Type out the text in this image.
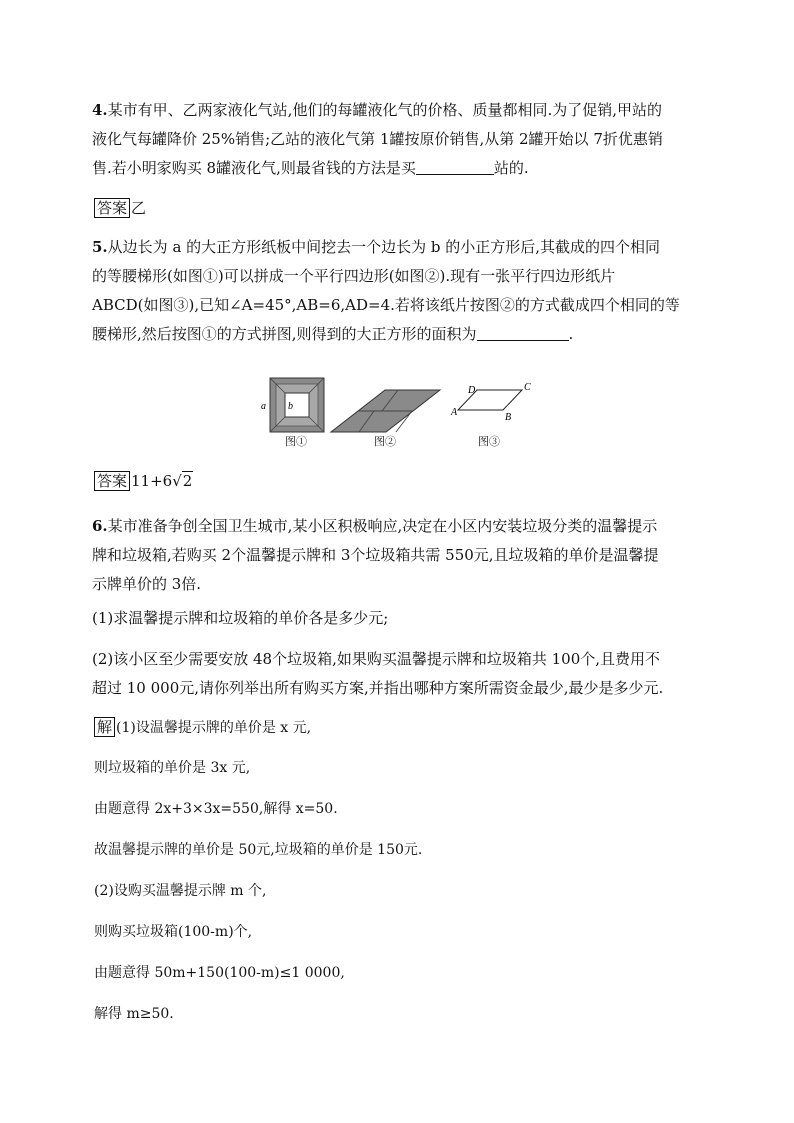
4.某市有甲、乙两家液化气站,他们的每罐液化气的价格、质量都相同.为了促销,甲站的
液化气每罐降价 25%销售;乙站的液化气第 1罐按原价销售,从第 2罐开始以 7折优惠销
售.若小明家购买 8罐液化气,则最省钱的方法是买	站的.
答案 乙
5.从边长为 a 的大正方形纸板中间挖去一个边长为 b 的小正方形后,其截成的四个相同
的等腰梯形(如图①)可以拼成一个平行四边形(如图②).现有一张平行四边形纸片
ABCD(如图③),已知∠A=45°,AB=6,AD=4.若将该纸片按图②的方式截成四个相同的等
腰梯形,然后按图①的方式拼图,则得到的大正方形的面积为	.
a b
A	B
C
D
图①	图②	图③
答案 11+6√2
6.某市准备争创全国卫生城市,某小区积极响应,决定在小区内安装垃圾分类的温馨提示
牌和垃圾箱,若购买 2个温馨提示牌和 3个垃圾箱共需 550元,且垃圾箱的单价是温馨提
示牌单价的 3倍.
(1)求温馨提示牌和垃圾箱的单价各是多少元;
(2)该小区至少需要安放 48个垃圾箱,如果购买温馨提示牌和垃圾箱共 100个,且费用不
超过 10 000元,请你列举出所有购买方案,并指出哪种方案所需资金最少,最少是多少元.
解 (1)设温馨提示牌的单价是 x 元,
则垃圾箱的单价是 3x 元,
由题意得 2x+3×3x=550,解得 x=50.
故温馨提示牌的单价是 50元,垃圾箱的单价是 150元.
(2)设购买温馨提示牌 m 个,
则购买垃圾箱(100-m)个,
由题意得 50m+150(100-m)≤1 0000,
解得 m≥50.
